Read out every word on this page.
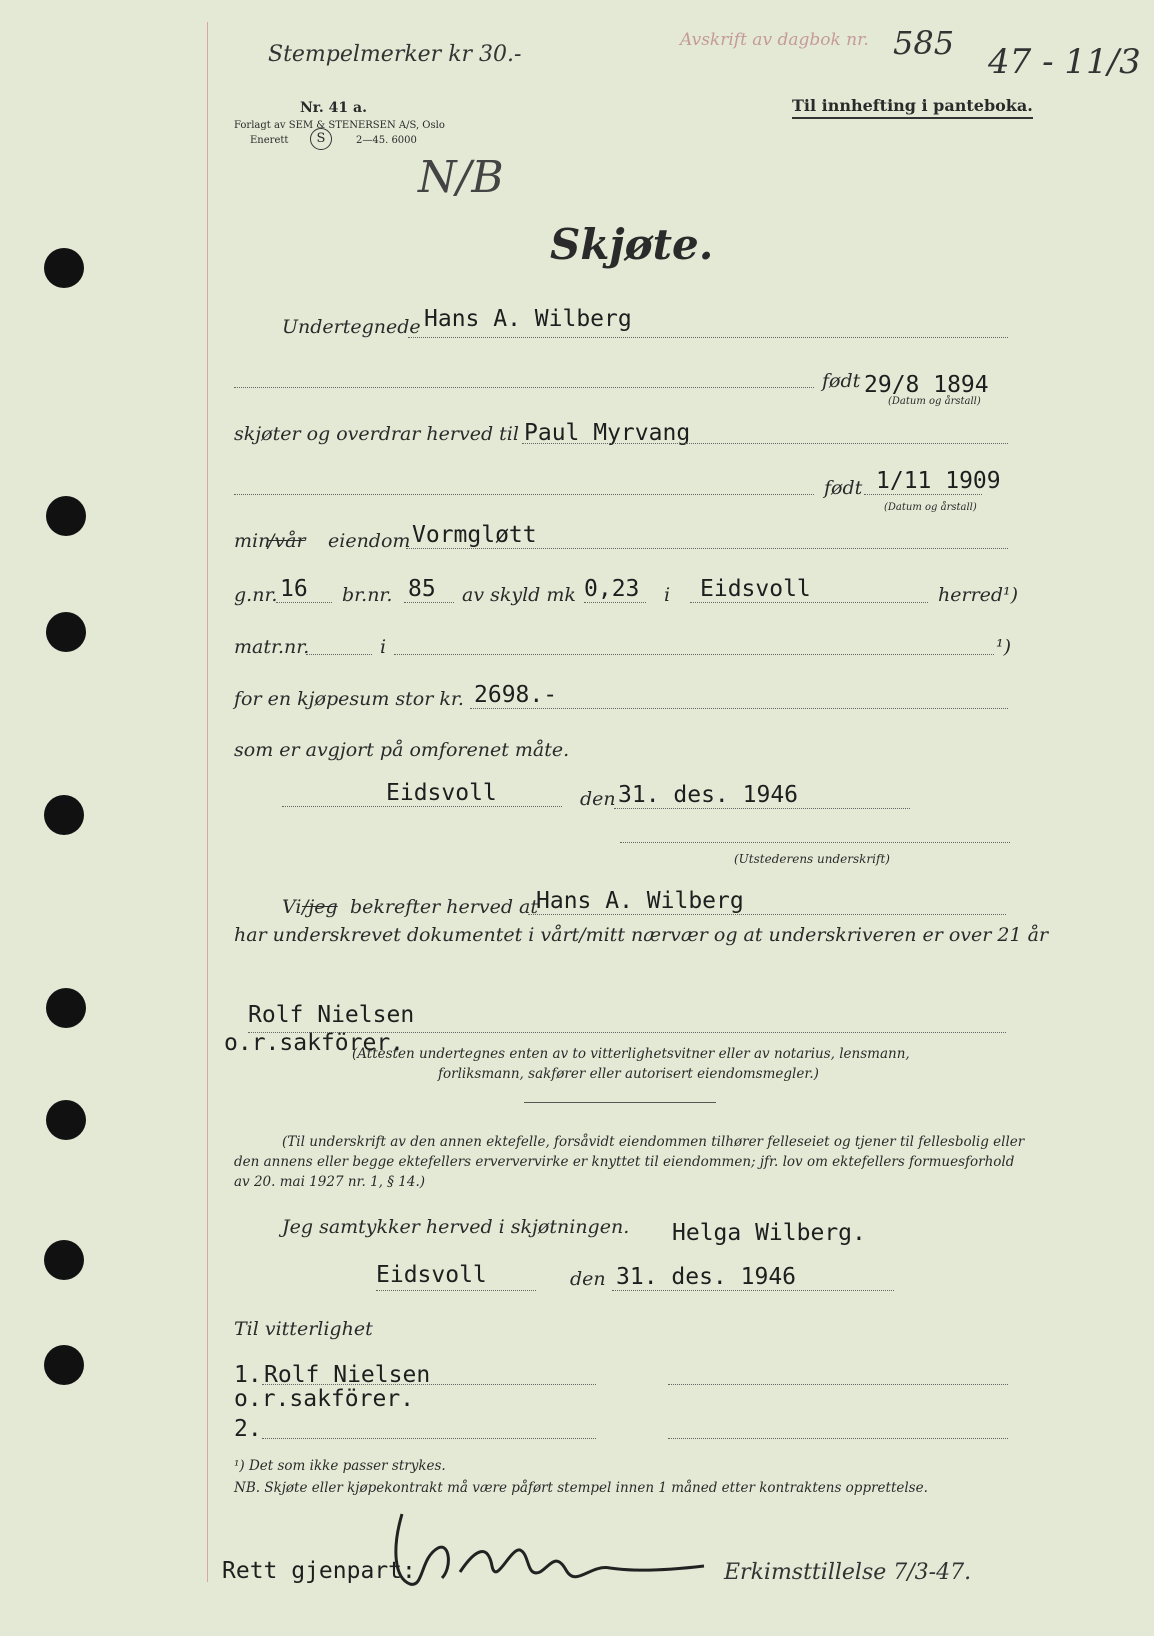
Stempelmerker kr 30.-
Avskrift av dagbok nr. 585 47 - 11/3
Nr. 41 a.
Forlagt av SEM & STENERSEN A/S, Oslo
Enerett	S	2—45. 6000
Til innhefting i panteboka.
N/B
Skjøte.
Undertegnede Hans A. Wilberg
født 29/8 1894
(Datum og årstall)
skjøter og overdrar herved til Paul Myrvang
født 1/11 1909
(Datum og årstall)
min
/vår eiendom Vormgløtt
g.nr. 16 br.nr. 85 av skyld mk 0,23 i Eidsvoll	herred¹)
matr.nr.	i	¹)
for en kjøpesum stor kr. 2698.-
som er avgjort på omforenet måte.
Eidsvoll	den 31. des. 1946
(Utstederens underskrift)
Vi /jeg bekrefter herved at
Hans A. Wilberg
har underskrevet dokumentet i vårt/mitt nærvær og at underskriveren er over 21 år
Rolf Nielsen
o.r.sakförer.
(Attesten undertegnes enten av to vitterlighetsvitner eller av notarius, lensmann,
forliksmann, sakfører eller autorisert eiendomsmegler.)
(Til underskrift av den annen ektefelle, forsåvidt eiendommen tilhører felleseiet og tjener til fellesbolig eller
den annens eller begge ektefellers erververvirke er knyttet til eiendommen; jfr. lov om ektefellers formuesforhold
av 20. mai 1927 nr. 1, § 14.)
Jeg samtykker herved i skjøtningen. Helga Wilberg.
Eidsvoll	den 31. des. 1946
Til vitterlighet
1. Rolf Nielsen
o.r.sakförer.
2.
¹) Det som ikke passer strykes.
NB. Skjøte eller kjøpekontrakt må være påført stempel innen 1 måned etter kontraktens opprettelse.
Rett gjenpart:	Erkimsttillelse 7/3-47.
